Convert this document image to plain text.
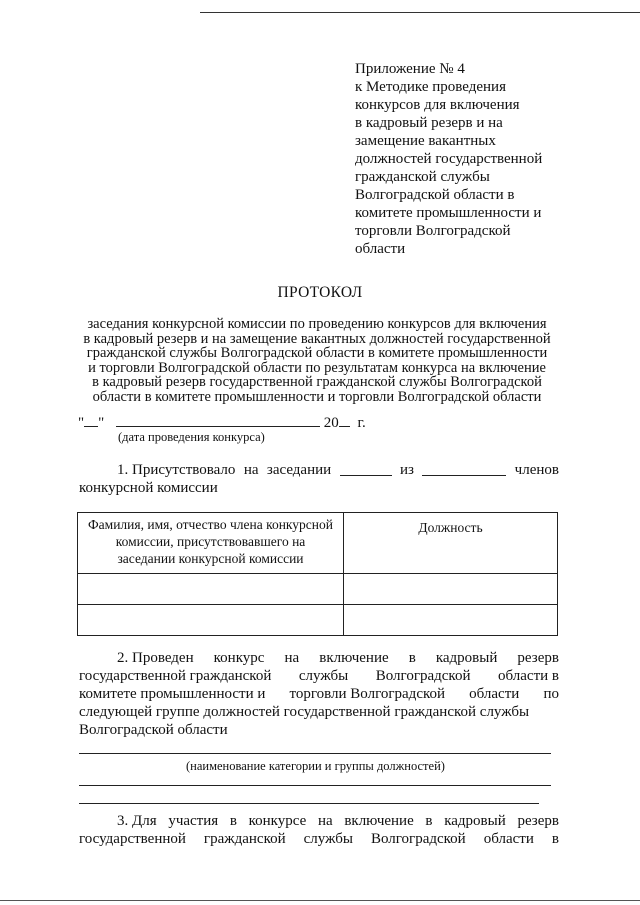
Приложение № 4
к Методике проведения
конкурсов для включения
в кадровый резерв и на
замещение вакантных
должностей государственной
гражданской службы
Волгоградской области в
комитете промышленности и
торговли Волгоградской
области
ПРОТОКОЛ
заседания конкурсной комиссии по проведению конкурсов для включения
в кадровый резерв и на замещение вакантных должностей государственной
гражданской службы Волгоградской области в комитете промышленности
и торговли Волгоградской области по результатам конкурса на включение
в кадровый резерв государственной гражданской службы Волгоградской
области в комитете промышленности и торговли Волгоградской области
" "	20 г.
(дата проведения конкурса)
1. Присутствовало на заседании	из	членов
конкурсной комиссии
Фамилия, имя, отчество члена конкурсной
комиссии, присутствовавшего на
заседании конкурсной комиссии	Должность

2. Проведен конкурс на включение в кадровый резерв
государственной гражданской службы Волгоградской области в
комитете промышленности и торговли Волгоградской области по
следующей группе должностей государственной гражданской службы
Волгоградской области
(наименование категории и группы должностей)
3. Для участия в конкурсе на включение в кадровый резерв
государственной гражданской службы Волгоградской области в
